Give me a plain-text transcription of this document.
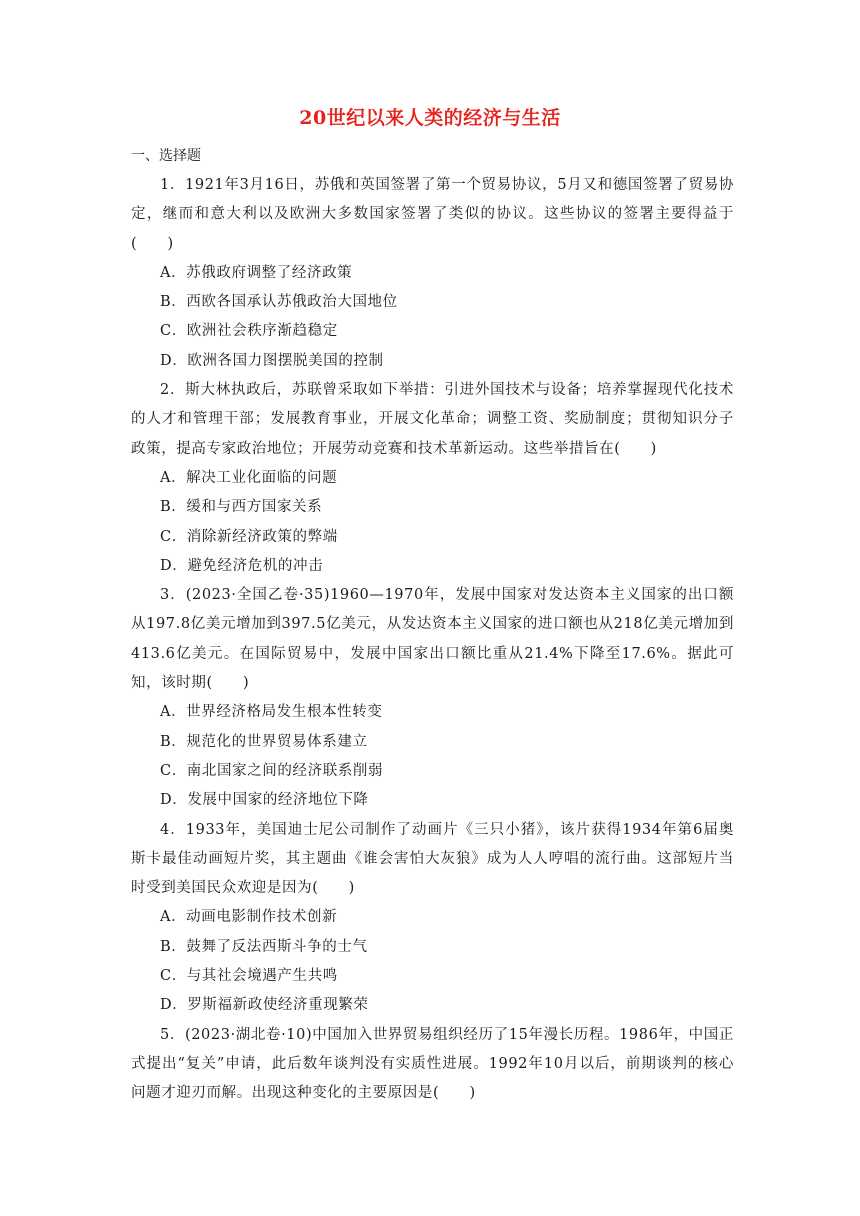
20世纪以来人类的经济与生活
一、选择题

1．1921年3月16日，苏俄和英国签署了第一个贸易协议，5月又和德国签署了贸易协定，继而和意大利以及欧洲大多数国家签署了类似的协议。这些协议的签署主要得益于(　　)

A．苏俄政府调整了经济政策

B．西欧各国承认苏俄政治大国地位

C．欧洲社会秩序渐趋稳定

D．欧洲各国力图摆脱美国的控制

2．斯大林执政后，苏联曾采取如下举措：引进外国技术与设备；培养掌握现代化技术的人才和管理干部；发展教育事业，开展文化革命；调整工资、奖励制度；贯彻知识分子政策，提高专家政治地位；开展劳动竞赛和技术革新运动。这些举措旨在(　　)

A．解决工业化面临的问题

B．缓和与西方国家关系

C．消除新经济政策的弊端

D．避免经济危机的冲击

3．(2023·全国乙卷·35)1960—1970年，发展中国家对发达资本主义国家的出口额从197.8亿美元增加到397.5亿美元，从发达资本主义国家的进口额也从218亿美元增加到413.6亿美元。在国际贸易中，发展中国家出口额比重从21.4%下降至17.6%。据此可知，该时期(　　)

A．世界经济格局发生根本性转变

B．规范化的世界贸易体系建立

C．南北国家之间的经济联系削弱

D．发展中国家的经济地位下降

4．1933年，美国迪士尼公司制作了动画片《三只小猪》，该片获得1934年第6届奥斯卡最佳动画短片奖，其主题曲《谁会害怕大灰狼》成为人人哼唱的流行曲。这部短片当时受到美国民众欢迎是因为(　　)

A．动画电影制作技术创新

B．鼓舞了反法西斯斗争的士气

C．与其社会境遇产生共鸣

D．罗斯福新政使经济重现繁荣

5．(2023·湖北卷·10)中国加入世界贸易组织经历了15年漫长历程。1986年，中国正式提出“复关”申请，此后数年谈判没有实质性进展。1992年10月以后，前期谈判的核心问题才迎刃而解。出现这种变化的主要原因是(　　)
